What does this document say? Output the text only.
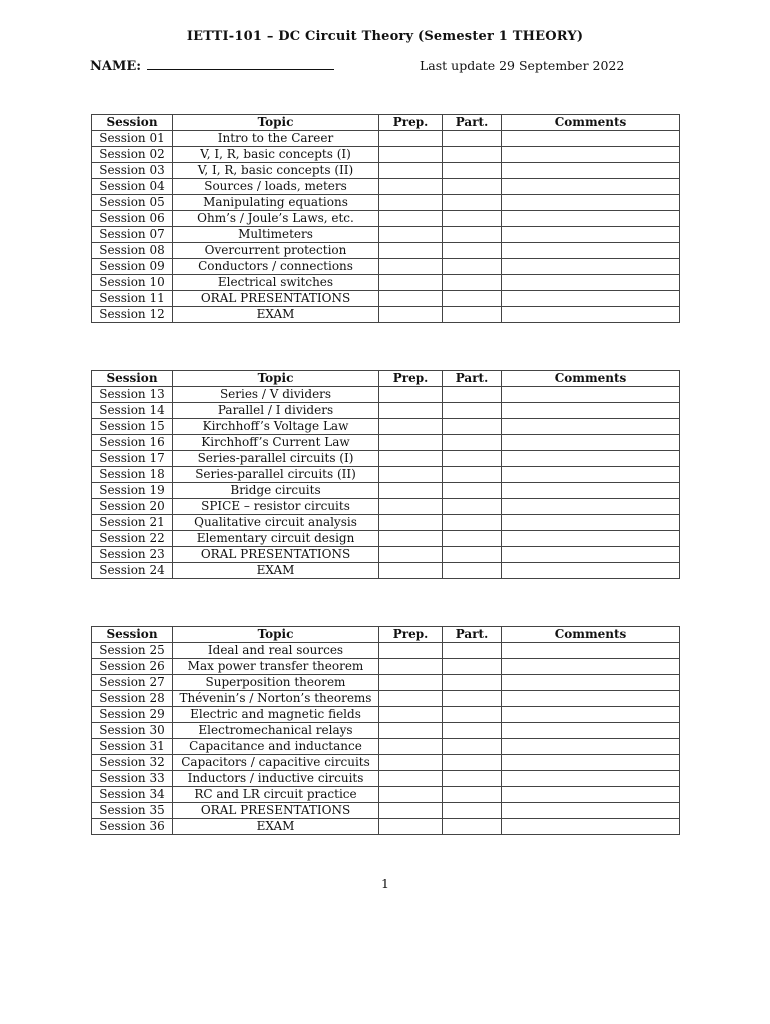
IETTI-101 – DC Circuit Theory (Semester 1 THEORY)
NAME:	Last update 29 September 2022
Session	Topic	Prep.	Part.	Comments
Session 01	Intro to the Career			
Session 02	V, I, R, basic concepts (I)			
Session 03	V, I, R, basic concepts (II)			
Session 04	Sources / loads, meters			
Session 05	Manipulating equations			
Session 06	Ohm’s / Joule’s Laws, etc.			
Session 07	Multimeters			
Session 08	Overcurrent protection			
Session 09	Conductors / connections			
Session 10	Electrical switches			
Session 11	ORAL PRESENTATIONS			
Session 12	EXAM			
Session	Topic	Prep.	Part.	Comments
Session 13	Series / V dividers			
Session 14	Parallel / I dividers			
Session 15	Kirchhoff’s Voltage Law			
Session 16	Kirchhoff’s Current Law			
Session 17	Series-parallel circuits (I)			
Session 18	Series-parallel circuits (II)			
Session 19	Bridge circuits			
Session 20	SPICE – resistor circuits			
Session 21	Qualitative circuit analysis			
Session 22	Elementary circuit design			
Session 23	ORAL PRESENTATIONS			
Session 24	EXAM			
Session	Topic	Prep.	Part.	Comments
Session 25	Ideal and real sources			
Session 26	Max power transfer theorem			
Session 27	Superposition theorem			
Session 28	Thévenin’s / Norton’s theorems			
Session 29	Electric and magnetic fields			
Session 30	Electromechanical relays			
Session 31	Capacitance and inductance			
Session 32	Capacitors / capacitive circuits			
Session 33	Inductors / inductive circuits			
Session 34	RC and LR circuit practice			
Session 35	ORAL PRESENTATIONS			
Session 36	EXAM			
1
